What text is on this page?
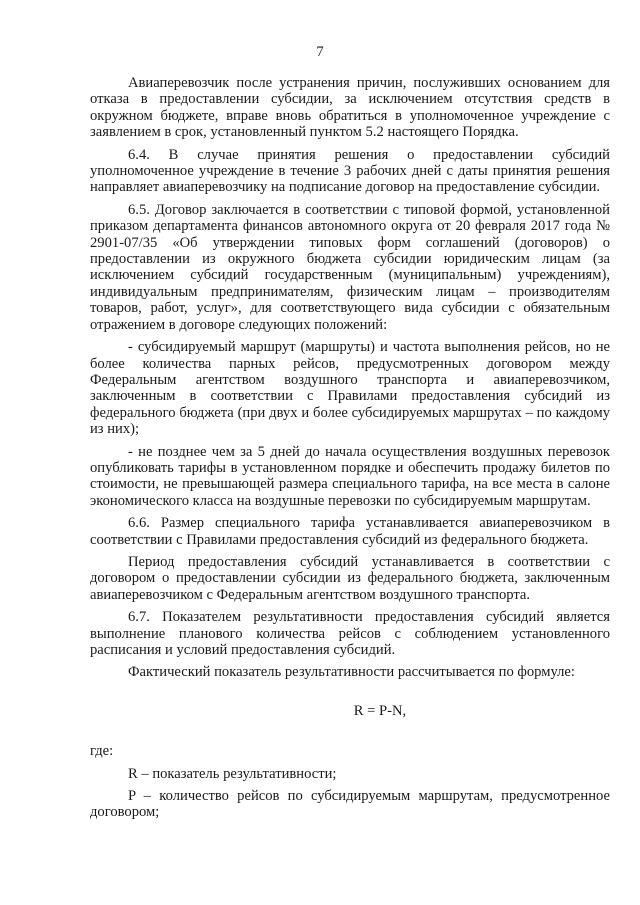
7

Авиаперевозчик после устранения причин, послуживших основанием для отказа в предоставлении субсидии, за исключением отсутствия средств в окружном бюджете, вправе вновь обратиться в уполномоченное учреждение с заявлением в срок, установленный пунктом 5.2 настоящего Порядка.

6.4. В случае принятия решения о предоставлении субсидий уполномоченное учреждение в течение 3 рабочих дней с даты принятия решения направляет авиаперевозчику на подписание договор на предоставление субсидии.

6.5. Договор заключается в соответствии с типовой формой, установленной приказом департамента финансов автономного округа от 20 февраля 2017 года № 2901-07/35 «Об утверждении типовых форм соглашений (договоров) о предоставлении из окружного бюджета субсидии юридическим лицам (за исключением субсидий государственным (муниципальным) учреждениям), индивидуальным предпринимателям, физическим лицам – производителям товаров, работ, услуг», для соответствующего вида субсидии с обязательным отражением в договоре следующих положений:

- субсидируемый маршрут (маршруты) и частота выполнения рейсов, но не более количества парных рейсов, предусмотренных договором между Федеральным агентством воздушного транспорта и авиаперевозчиком, заключенным в соответствии с Правилами предоставления субсидий из федерального бюджета (при двух и более субсидируемых маршрутах – по каждому из них);

- не позднее чем за 5 дней до начала осуществления воздушных перевозок опубликовать тарифы в установленном порядке и обеспечить продажу билетов по стоимости, не превышающей размера специального тарифа, на все места в салоне экономического класса на воздушные перевозки по субсидируемым маршрутам.

6.6. Размер специального тарифа устанавливается авиаперевозчиком в соответствии с Правилами предоставления субсидий из федерального бюджета.

Период предоставления субсидий устанавливается в соответствии с договором о предоставлении субсидии из федерального бюджета, заключенным авиаперевозчиком с Федеральным агентством воздушного транспорта.

6.7. Показателем результативности предоставления субсидий является выполнение планового количества рейсов с соблюдением установленного расписания и условий предоставления субсидий.

Фактический показатель результативности рассчитывается по формуле:

R = P-N,

где:

R – показатель результативности;

P – количество рейсов по субсидируемым маршрутам, предусмотренное договором;
